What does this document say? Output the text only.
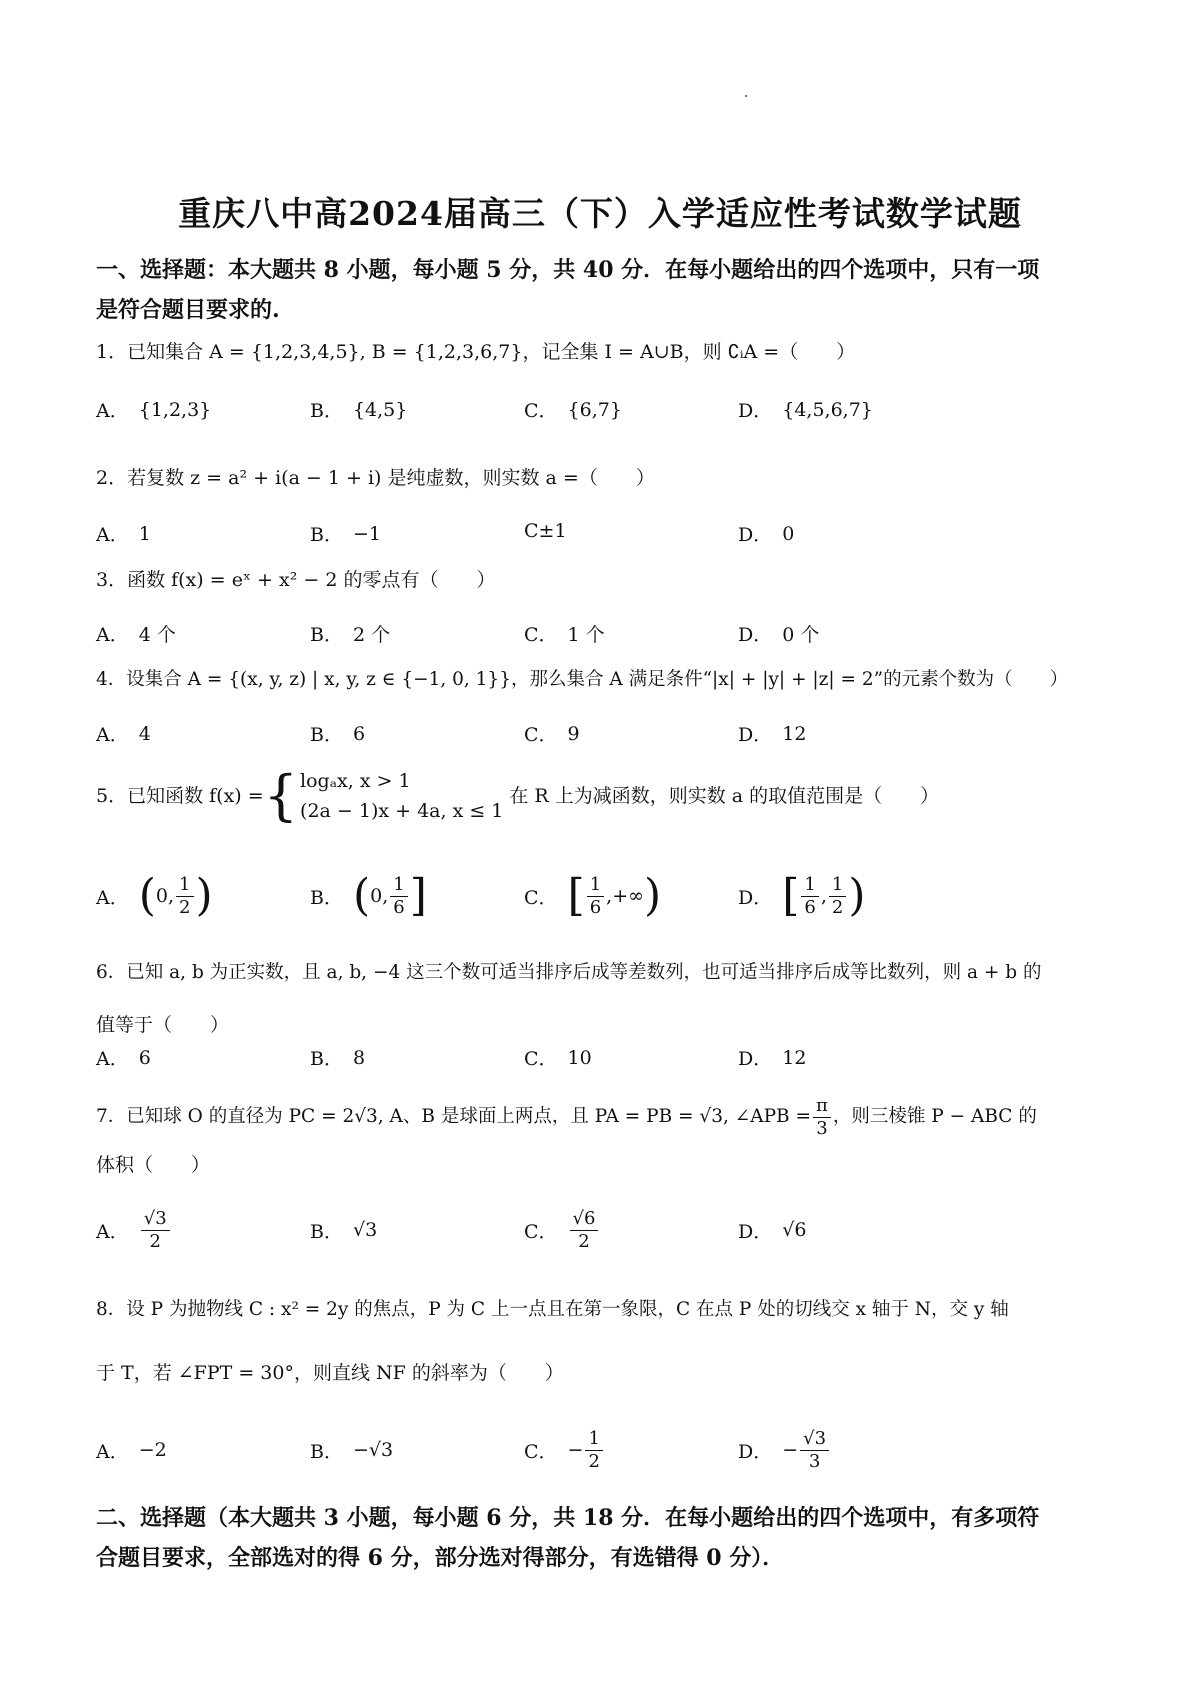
重庆八中高2024届高三（下）入学适应性考试数学试题
一、选择题：本大题共 8 小题，每小题 5 分，共 40 分．在每小题给出的四个选项中，只有一项
是符合题目要求的.
1．已知集合 A = {1,2,3,4,5}, B = {1,2,3,6,7}，记全集 I = A∪B，则 ∁ᵢA =（　　）
A． {1,2,3}	B． {4,5}	C． {6,7}	D． {4,5,6,7}
2．若复数 z = a² + i(a − 1 + i) 是纯虚数，则实数 a =（　　）
A． 1	B． −1	C ±1	D． 0
3．函数 f(x) = eˣ + x² − 2 的零点有（　　）
A． 4 个	B． 2 个	C． 1 个	D． 0 个
4．设集合 A = {(x, y, z) | x, y, z ∈ {−1, 0, 1}}，那么集合 A 满足条件“|x| + |y| + |z| = 2”的元素个数为（　　）
A． 4	B． 6	C． 9	D． 12
5．已知函数 f(x) = { logₐx, x > 1
(2a − 1)x + 4a, x ≤ 1
在 R 上为减函数，则实数 a 的取值范围是（　　）
A． ( 0, $\frac{1}{2}$ )	B． ( 0, $\frac{1}{6}$ ]	C． [ $\frac{1}{6}$ ,+∞ )	D． [ $\frac{1}{6}$ , $\frac{1}{2}$ )
6．已知 a, b 为正实数，且 a, b, −4 这三个数可适当排序后成等差数列，也可适当排序后成等比数列，则 a + b 的
值等于（　　）
A． 6	B． 8	C． 10	D． 12
7．已知球 O 的直径为 PC = 2√3, A、B 是球面上两点，且 PA = PB = √3, ∠APB = $\frac{\pi}{3}$ ，则三棱锥 P − ABC 的
体积（　　）
A． $\frac{√3}{2}$	B． √3	C． $\frac{√6}{2}$	D． √6
8．设 P 为抛物线 C : x² = 2y 的焦点，P 为 C 上一点且在第一象限，C 在点 P 处的切线交 x 轴于 N，交 y 轴
于 T，若 ∠FPT = 30°，则直线 NF 的斜率为（　　）
A． −2	B． −√3	C． − $\frac{1}{2}$	D． − $\frac{√3}{3}$
二、选择题（本大题共 3 小题，每小题 6 分，共 18 分．在每小题给出的四个选项中，有多项符
合题目要求，全部选对的得 6 分，部分选对得部分，有选错得 0 分）．
